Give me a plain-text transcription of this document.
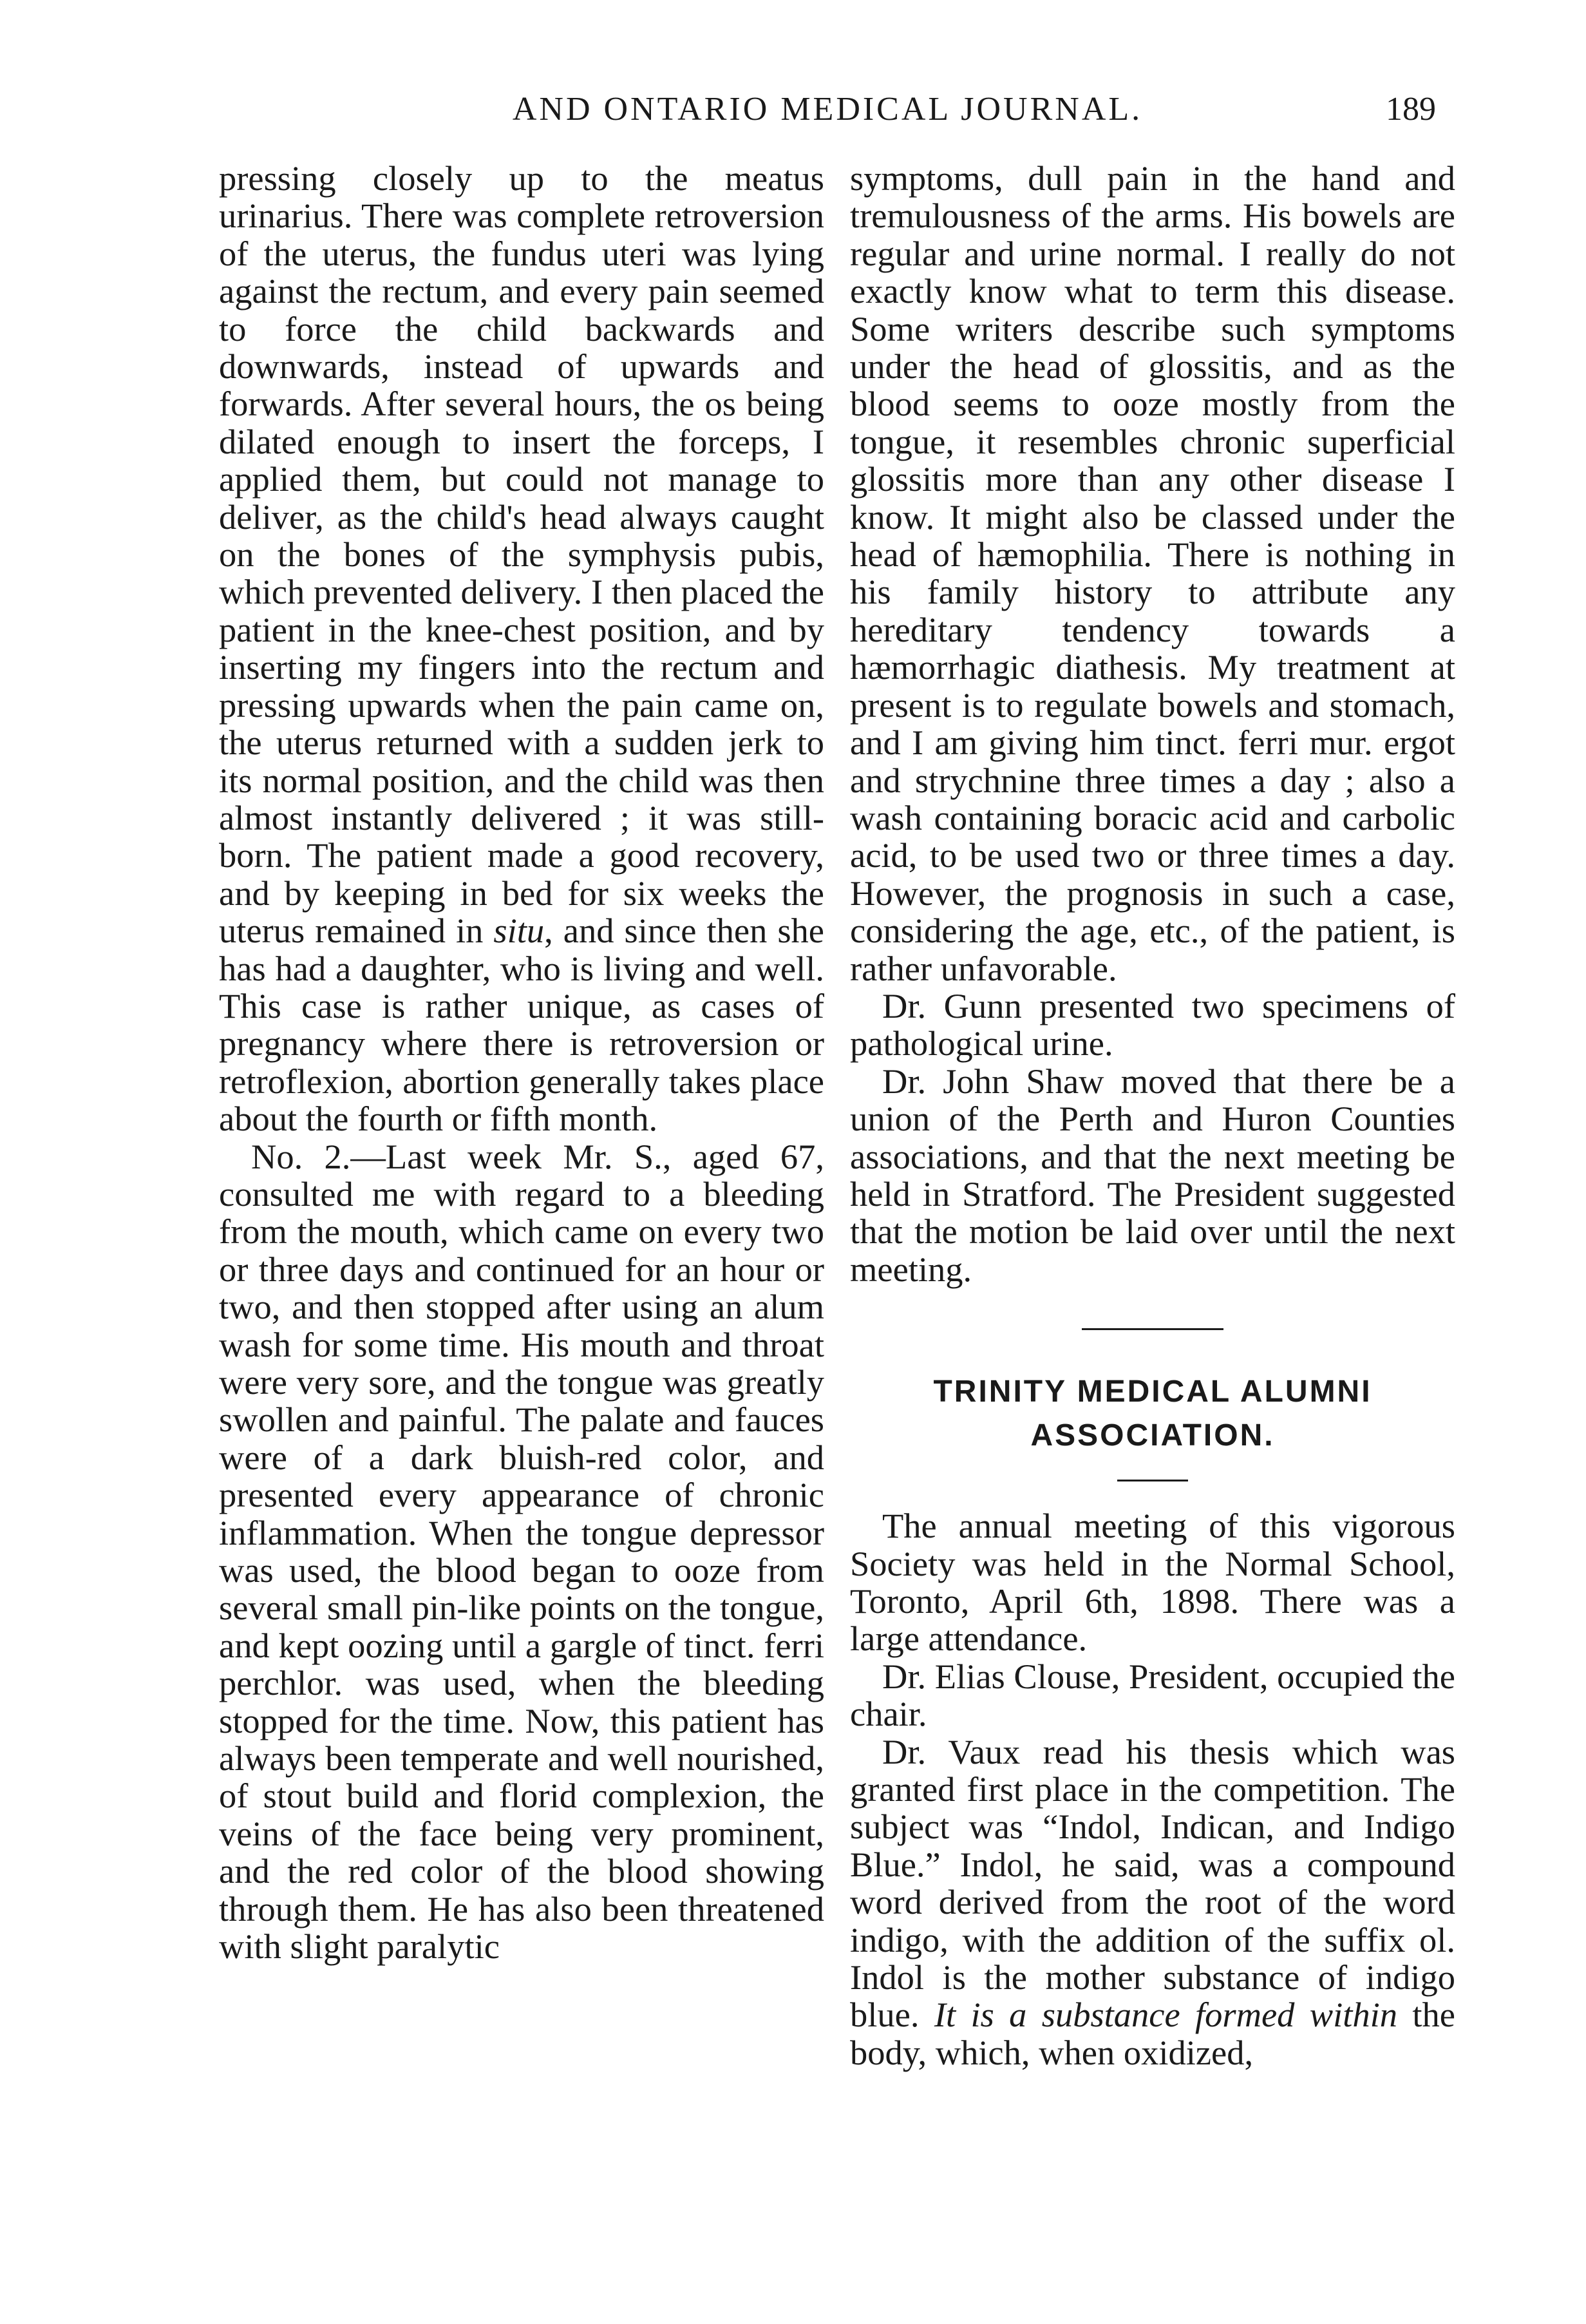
AND ONTARIO MEDICAL JOURNAL.	189

pressing closely up to the meatus urinarius. There was complete retroversion of the uterus, the fundus uteri was lying against the rectum, and every pain seemed to force the child backwards and downwards, instead of upwards and forwards. After several hours, the os being dilated enough to insert the forceps, I applied them, but could not manage to deliver, as the child's head always caught on the bones of the symphysis pubis, which prevented delivery. I then placed the patient in the knee-chest position, and by inserting my fingers into the rectum and pressing upwards when the pain came on, the uterus returned with a sudden jerk to its normal position, and the child was then almost instantly delivered ; it was still-born. The patient made a good recovery, and by keeping in bed for six weeks the uterus remained in situ, and since then she has had a daughter, who is living and well. This case is rather unique, as cases of pregnancy where there is retroversion or retroflexion, abortion generally takes place about the fourth or fifth month.

No. 2.—Last week Mr. S., aged 67, consulted me with regard to a bleeding from the mouth, which came on every two or three days and continued for an hour or two, and then stopped after using an alum wash for some time. His mouth and throat were very sore, and the tongue was greatly swollen and painful. The palate and fauces were of a dark bluish-red color, and presented every appearance of chronic inflammation. When the tongue depressor was used, the blood began to ooze from several small pin-like points on the tongue, and kept oozing until a gargle of tinct. ferri perchlor. was used, when the bleeding stopped for the time. Now, this patient has always been temperate and well nourished, of stout build and florid complexion, the veins of the face being very prominent, and the red color of the blood showing through them. He has also been threatened with slight paralytic

symptoms, dull pain in the hand and tremulousness of the arms. His bowels are regular and urine normal. I really do not exactly know what to term this disease. Some writers describe such symptoms under the head of glossitis, and as the blood seems to ooze mostly from the tongue, it resembles chronic superficial glossitis more than any other disease I know. It might also be classed under the head of hæmophilia. There is nothing in his family history to attribute any hereditary tendency towards a hæmorrhagic diathesis. My treatment at present is to regulate bowels and stomach, and I am giving him tinct. ferri mur. ergot and strychnine three times a day ; also a wash containing boracic acid and carbolic acid, to be used two or three times a day. However, the prognosis in such a case, considering the age, etc., of the patient, is rather unfavorable.

Dr. Gunn presented two specimens of pathological urine.

Dr. John Shaw moved that there be a union of the Perth and Huron Counties associations, and that the next meeting be held in Stratford. The President suggested that the motion be laid over until the next meeting.

TRINITY MEDICAL ALUMNI
ASSOCIATION.

The annual meeting of this vigorous Society was held in the Normal School, Toronto, April 6th, 1898. There was a large attendance.

Dr. Elias Clouse, President, occupied the chair.

Dr. Vaux read his thesis which was granted first place in the competition. The subject was “Indol, Indican, and Indigo Blue.” Indol, he said, was a compound word derived from the root of the word indigo, with the addition of the suffix ol. Indol is the mother substance of indigo blue. It is a substance formed within the body, which, when oxidized,
